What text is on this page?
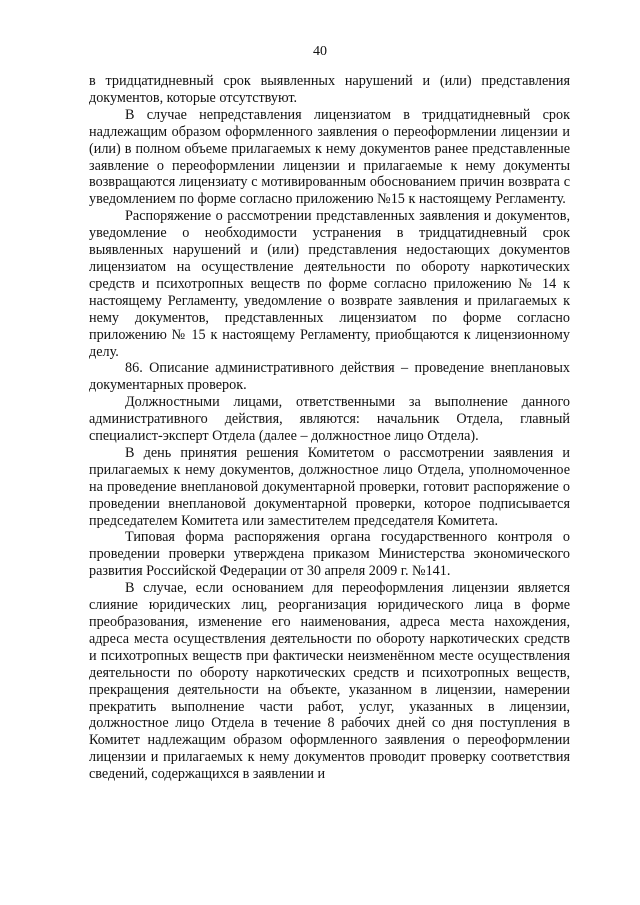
40

в тридцатидневный срок выявленных нарушений и (или) представления документов, которые отсутствуют.

В случае непредставления лицензиатом в тридцатидневный срок надлежащим образом оформленного заявления о переоформлении лицензии и (или) в полном объеме прилагаемых к нему документов ранее представленные заявление о переоформлении лицензии и прилагаемые к нему документы возвращаются лицензиату с мотивированным обоснованием причин возврата с уведомлением по форме согласно приложению №15 к настоящему Регламенту.

Распоряжение о рассмотрении представленных заявления и документов, уведомление о необходимости устранения в тридцатидневный срок выявленных нарушений и (или) представления недостающих документов лицензиатом на осуществление деятельности по обороту наркотических средств и психотропных веществ по форме согласно приложению № 14 к настоящему Регламенту, уведомление о возврате заявления и прилагаемых к нему документов, представленных лицензиатом по форме согласно приложению № 15 к настоящему Регламенту, приобщаются к лицензионному делу.

86. Описание административного действия – проведение внеплановых документарных проверок.

Должностными лицами, ответственными за выполнение данного административного действия, являются: начальник Отдела, главный специалист-эксперт Отдела (далее – должностное лицо Отдела).

В день принятия решения Комитетом о рассмотрении заявления и прилагаемых к нему документов, должностное лицо Отдела, уполномоченное на проведение внеплановой документарной проверки, готовит распоряжение о проведении внеплановой документарной проверки, которое подписывается председателем Комитета или заместителем председателя Комитета.

Типовая форма распоряжения органа государственного контроля о проведении проверки утверждена приказом Министерства экономического развития Российской Федерации от 30 апреля 2009 г. №141.

В случае, если основанием для переоформления лицензии является слияние юридических лиц, реорганизация юридического лица в форме преобразования, изменение его наименования, адреса места нахождения, адреса места осуществления деятельности по обороту наркотических средств и психотропных веществ при фактически неизменённом месте осуществления деятельности по обороту наркотических средств и психотропных веществ, прекращения деятельности на объекте, указанном в лицензии, намерении прекратить выполнение части работ, услуг, указанных в лицензии, должностное лицо Отдела в течение 8 рабочих дней со дня поступления в Комитет надлежащим образом оформленного заявления о переоформлении лицензии и прилагаемых к нему документов проводит проверку соответствия сведений, содержащихся в заявлении и
